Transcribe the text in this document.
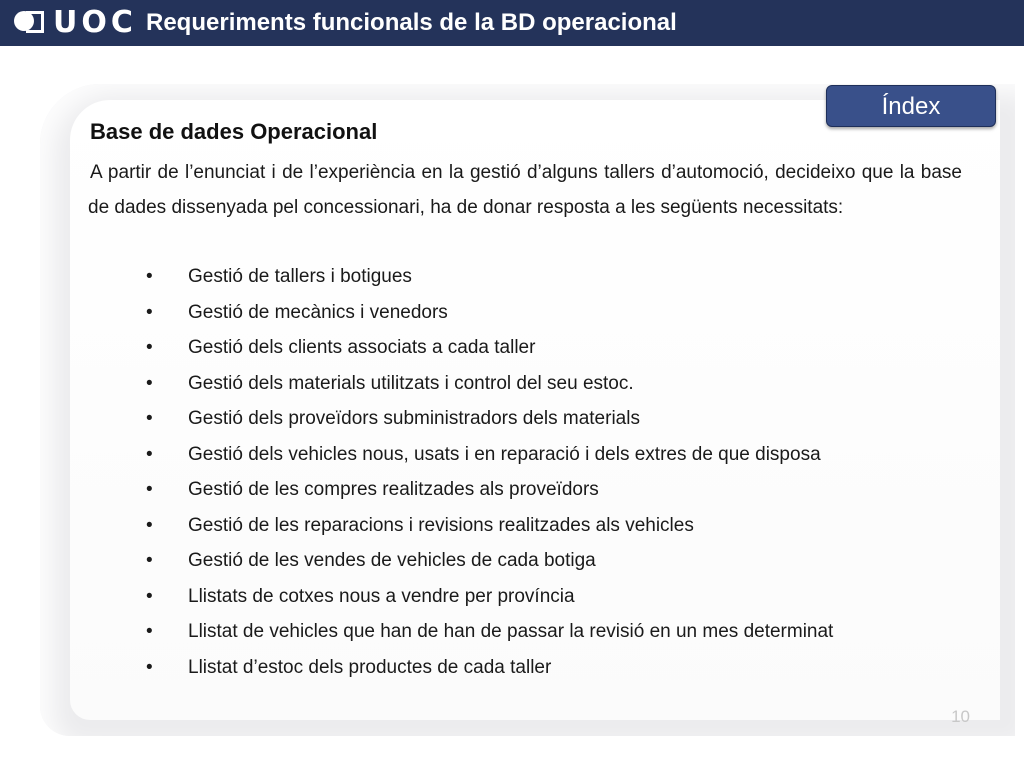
UOC Requeriments funcionals de la BD operacional
Índex
Base de dades Operacional
A partir de l’enunciat i de l’experiència en la gestió d’alguns tallers d’automoció, decideixo que la base de dades dissenyada pel concessionari, ha de donar resposta a les següents necessitats:
• Gestió de tallers i botigues
• Gestió de mecànics i venedors
• Gestió dels clients associats a cada taller
• Gestió dels materials utilitzats i control del seu estoc.
• Gestió dels proveïdors subministradors dels materials
• Gestió dels vehicles nous, usats i en reparació i dels extres de que disposa
• Gestió de les compres realitzades als proveïdors
• Gestió de les reparacions i revisions realitzades als vehicles
• Gestió de les vendes de vehicles de cada botiga
• Llistats de cotxes nous a vendre per província
• Llistat de vehicles que han de han de passar la revisió en un mes determinat
• Llistat d’estoc dels productes de cada taller
10
